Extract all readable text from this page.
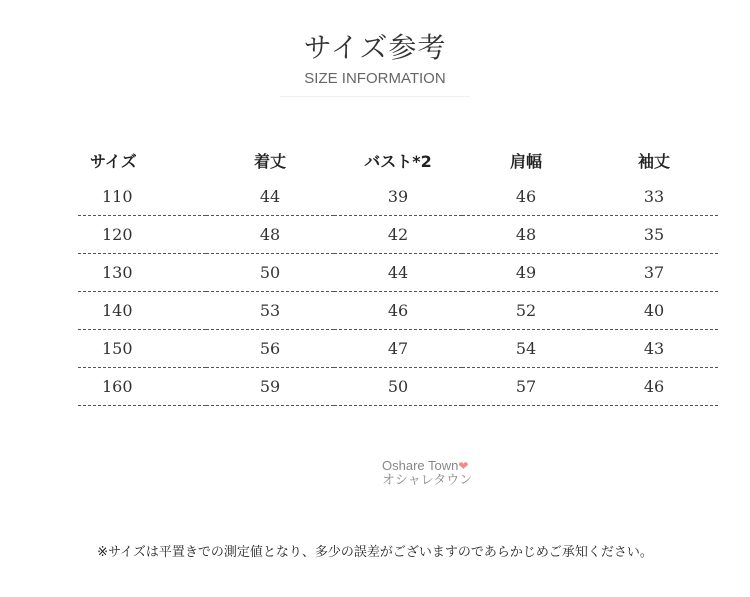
サイズ参考
SIZE INFORMATION
サイズ	着丈	バスト*2	肩幅	袖丈
110	44	39	46	33
120	48	42	48	35
130	50	44	49	37
140	53	46	52	40
150	56	47	54	43
160	59	50	57	46
Oshare Town❤
オシャレタウン
※サイズは平置きでの測定値となり、多少の誤差がございますのであらかじめご承知ください。
